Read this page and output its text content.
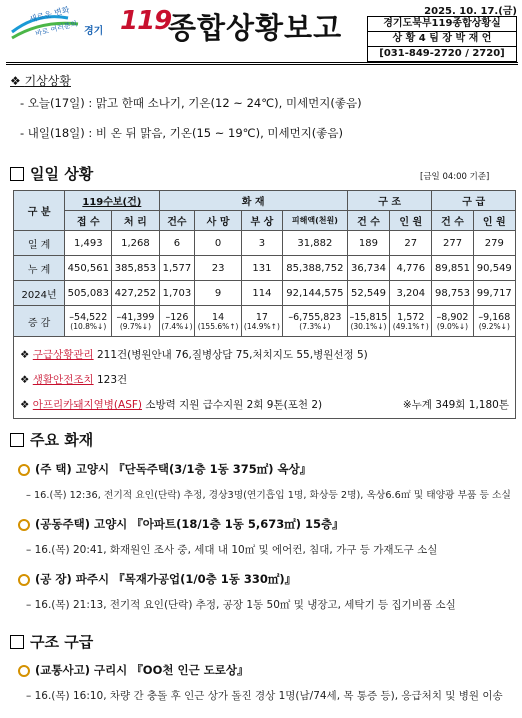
새로운 변화
바로 여러분의 경기 119
종합상황보고	2025. 10. 17.(금)
경기도북부119종합상황실
상 황 4 팀 장 박 재 언
[031-849-2720 / 2720]
❖ 기상상황
- 오늘(17일) : 맑고 한때 소나기, 기온(12 ~ 24℃), 미세먼지(좋음)
- 내일(18일) : 비 온 뒤 맑음, 기온(15 ~ 19℃), 미세먼지(좋음)
일일 상황	[금일 04:00 기준]
구 분	119수보(건)		화 재				구 조		구 급	
	접 수	처 리	건수	사 망	부 상	피해액(천원)	건 수	인 원	건 수	인 원
일 계	1,493	1,268	6	0	3	31,882	189	27	277	279
누 계	450,561	385,853	1,577	23	131	85,388,752	36,734	4,776	89,851	90,549
2024년	505,083	427,252	1,703	9	114	92,144,575	52,549	3,204	98,753	99,717
증 감	–54,522
(10.8%↓)	–41,399
(9.7%↓)	–126
(7.4%↓)	14
(155.6%↑)	17
(14.9%↑)	–6,755,823
(7.3%↓)	–15,815
(30.1%↓)	1,572
(49.1%↑)	–8,902
(9.0%↓)	–9,168
(9.2%↓)
❖ 구급상황관리 211건(병원안내 76,질병상담 75,처치지도 55,병원선정 5)
❖ 생활안전조치 123건
❖ 아프리카돼지열병(ASF) 소방력 지원 급수지원 2회 9톤(포천 2)	※누계 349회 1,180톤
주요 화재
(주 택) 고양시 『단독주택(3/1층 1동 375㎡) 옥상』
– 16.(목) 12:36, 전기적 요인(단락) 추정, 경상3명(연기흡입 1명, 화상등 2명), 옥상6.6㎡ 및 태양광 부품 등 소실
(공동주택) 고양시 『아파트(18/1층 1동 5,673㎡) 15층』
– 16.(목) 20:41, 화재원인 조사 중, 세대 내 10㎡ 및 에어컨, 침대, 가구 등 가재도구 소실
(공 장) 파주시 『목재가공업(1/0층 1동 330㎡)』
– 16.(목) 21:13, 전기적 요인(단락) 추정, 공장 1동 50㎡ 및 냉장고, 세탁기 등 집기비품 소실
구조 구급
(교통사고) 구리시 『OO천 인근 도로상』
– 16.(목) 16:10, 차량 간 충돌 후 인근 상가 돌진 경상 1명(남/74세, 목 통증 등), 응급처치 및 병원 이송
